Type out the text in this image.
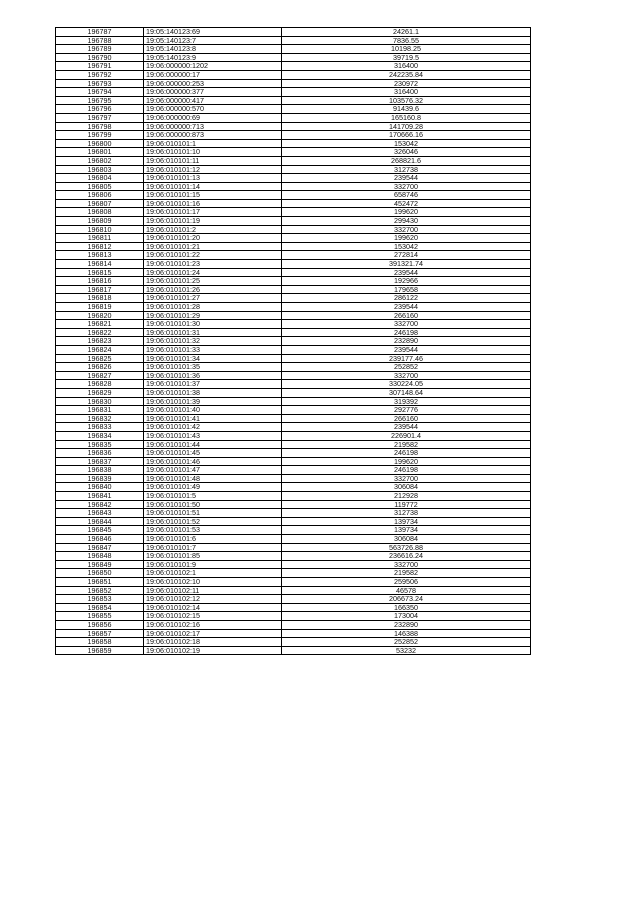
196787	19:05:140123:69	24261.1
196788	19:05:140123:7	7836.55
196789	19:05:140123:8	10198.25
196790	19:05:140123:9	39719.5
196791	19:06:000000:1202	316400
196792	19:06:000000:17	242235.84
196793	19:06:000000:253	230972
196794	19:06:000000:377	316400
196795	19:06:000000:417	103576.32
196796	19:06:000000:570	91439.6
196797	19:06:000000:69	165160.8
196798	19:06:000000:713	141709.28
196799	19:06:000000:873	170666.16
196800	19:06:010101:1	153042
196801	19:06:010101:10	326046
196802	19:06:010101:11	268821.6
196803	19:06:010101:12	312738
196804	19:06:010101:13	239544
196805	19:06:010101:14	332700
196806	19:06:010101:15	658746
196807	19:06:010101:16	452472
196808	19:06:010101:17	199620
196809	19:06:010101:19	299430
196810	19:06:010101:2	332700
196811	19:06:010101:20	199620
196812	19:06:010101:21	153042
196813	19:06:010101:22	272814
196814	19:06:010101:23	391321.74
196815	19:06:010101:24	239544
196816	19:06:010101:25	192966
196817	19:06:010101:26	179658
196818	19:06:010101:27	286122
196819	19:06:010101:28	239544
196820	19:06:010101:29	266160
196821	19:06:010101:30	332700
196822	19:06:010101:31	246198
196823	19:06:010101:32	232890
196824	19:06:010101:33	239544
196825	19:06:010101:34	239177.46
196826	19:06:010101:35	252852
196827	19:06:010101:36	332700
196828	19:06:010101:37	330224.05
196829	19:06:010101:38	307148.64
196830	19:06:010101:39	319392
196831	19:06:010101:40	292776
196832	19:06:010101:41	266160
196833	19:06:010101:42	239544
196834	19:06:010101:43	226901.4
196835	19:06:010101:44	219582
196836	19:06:010101:45	246198
196837	19:06:010101:46	199620
196838	19:06:010101:47	246198
196839	19:06:010101:48	332700
196840	19:06:010101:49	306084
196841	19:06:010101:5	212928
196842	19:06:010101:50	119772
196843	19:06:010101:51	312738
196844	19:06:010101:52	139734
196845	19:06:010101:53	139734
196846	19:06:010101:6	306084
196847	19:06:010101:7	563726.88
196848	19:06:010101:85	236616.24
196849	19:06:010101:9	332700
196850	19:06:010102:1	219582
196851	19:06:010102:10	259506
196852	19:06:010102:11	46578
196853	19:06:010102:12	206673.24
196854	19:06:010102:14	166350
196855	19:06:010102:15	173004
196856	19:06:010102:16	232890
196857	19:06:010102:17	146388
196858	19:06:010102:18	252852
196859	19:06:010102:19	53232
